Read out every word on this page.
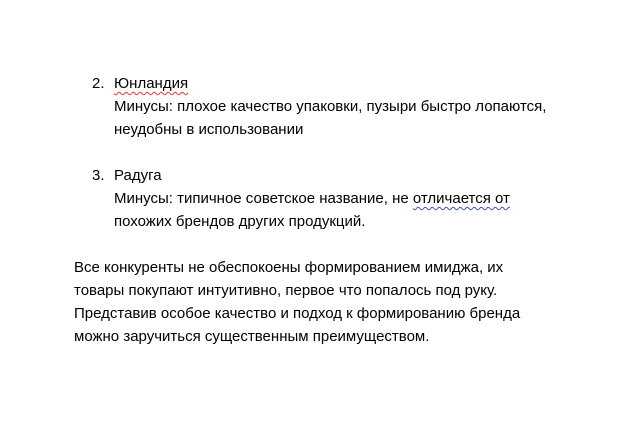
2. Юнландия
Минусы: плохое качество упаковки, пузыри быстро лопаются,
неудобны в использовании
3. Радуга
Минусы: типичное советское название, не отличается от
похожих брендов других продукций.
Все конкуренты не обеспокоены формированием имиджа, их
товары покупают интуитивно, первое что попалось под руку.
Представив особое качество и подход к формированию бренда
можно заручиться существенным преимуществом.
